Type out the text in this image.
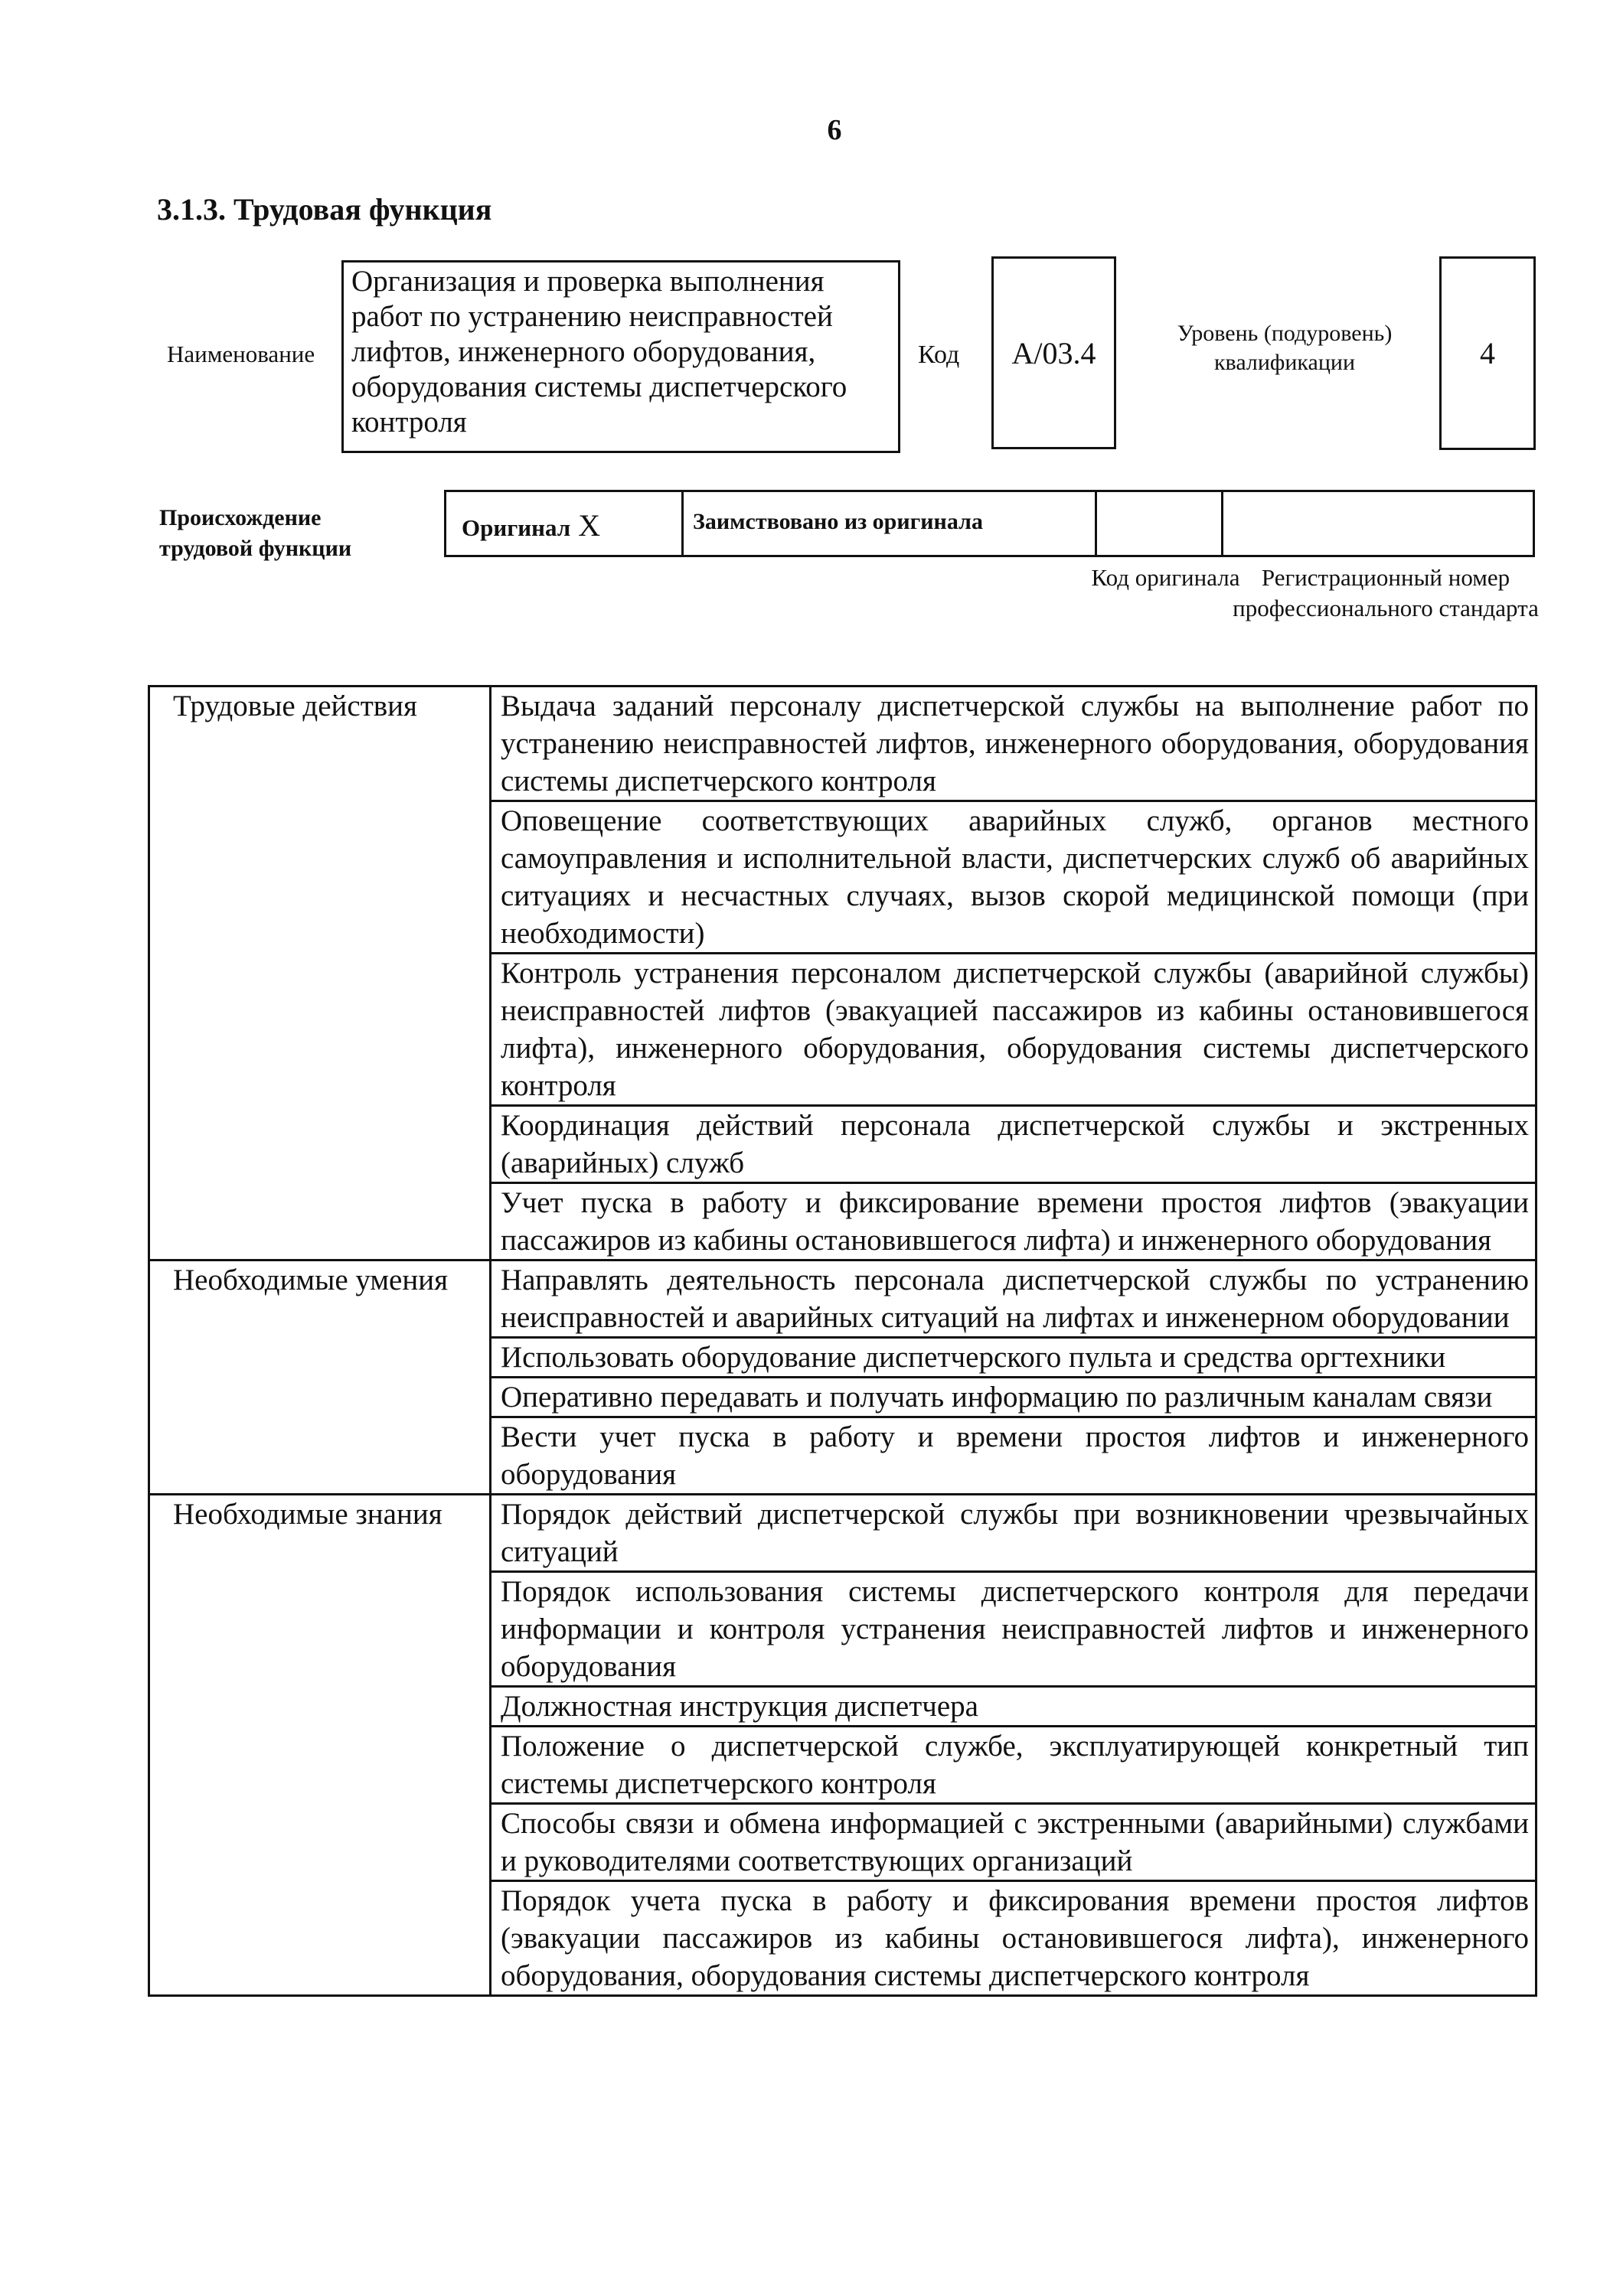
6
3.1.3. Трудовая функция
Наименование
Организация и проверка выполнения работ по устранению неисправностей лифтов, инженерного оборудования, оборудования системы диспетчерского контроля
Код	А/03.4
Уровень (подуровень) квалификации	4
Происхождение трудовой функции
Оригинал X	Заимствовано из оригинала
Код оригинала Регистрационный номер профессионального стандарта
Трудовые действия	Выдача заданий персоналу диспетчерской службы на выполнение работ по устранению неисправностей лифтов, инженерного оборудования, оборудования системы диспетчерского контроля
	Оповещение соответствующих аварийных служб, органов местного самоуправления и исполнительной власти, диспетчерских служб об аварийных ситуациях и несчастных случаях, вызов скорой медицинской помощи (при необходимости)
	Контроль устранения персоналом диспетчерской службы (аварийной службы) неисправностей лифтов (эвакуацией пассажиров из кабины остановившегося лифта), инженерного оборудования, оборудования системы диспетчерского контроля
	Координация действий персонала диспетчерской службы и экстренных (аварийных) служб
	Учет пуска в работу и фиксирование времени простоя лифтов (эвакуации пассажиров из кабины остановившегося лифта) и инженерного оборудования
Необходимые умения	Направлять деятельность персонала диспетчерской службы по устранению неисправностей и аварийных ситуаций на лифтах и инженерном оборудовании
	Использовать оборудование диспетчерского пульта и средства оргтехники
	Оперативно передавать и получать информацию по различным каналам связи
	Вести учет пуска в работу и времени простоя лифтов и инженерного оборудования
Необходимые знания	Порядок действий диспетчерской службы при возникновении чрезвычайных ситуаций
	Порядок использования системы диспетчерского контроля для передачи информации и контроля устранения неисправностей лифтов и инженерного оборудования
	Должностная инструкция диспетчера
	Положение о диспетчерской службе, эксплуатирующей конкретный тип системы диспетчерского контроля
	Способы связи и обмена информацией с экстренными (аварийными) службами и руководителями соответствующих организаций
	Порядок учета пуска в работу и фиксирования времени простоя лифтов (эвакуации пассажиров из кабины остановившегося лифта), инженерного оборудования, оборудования системы диспетчерского контроля
